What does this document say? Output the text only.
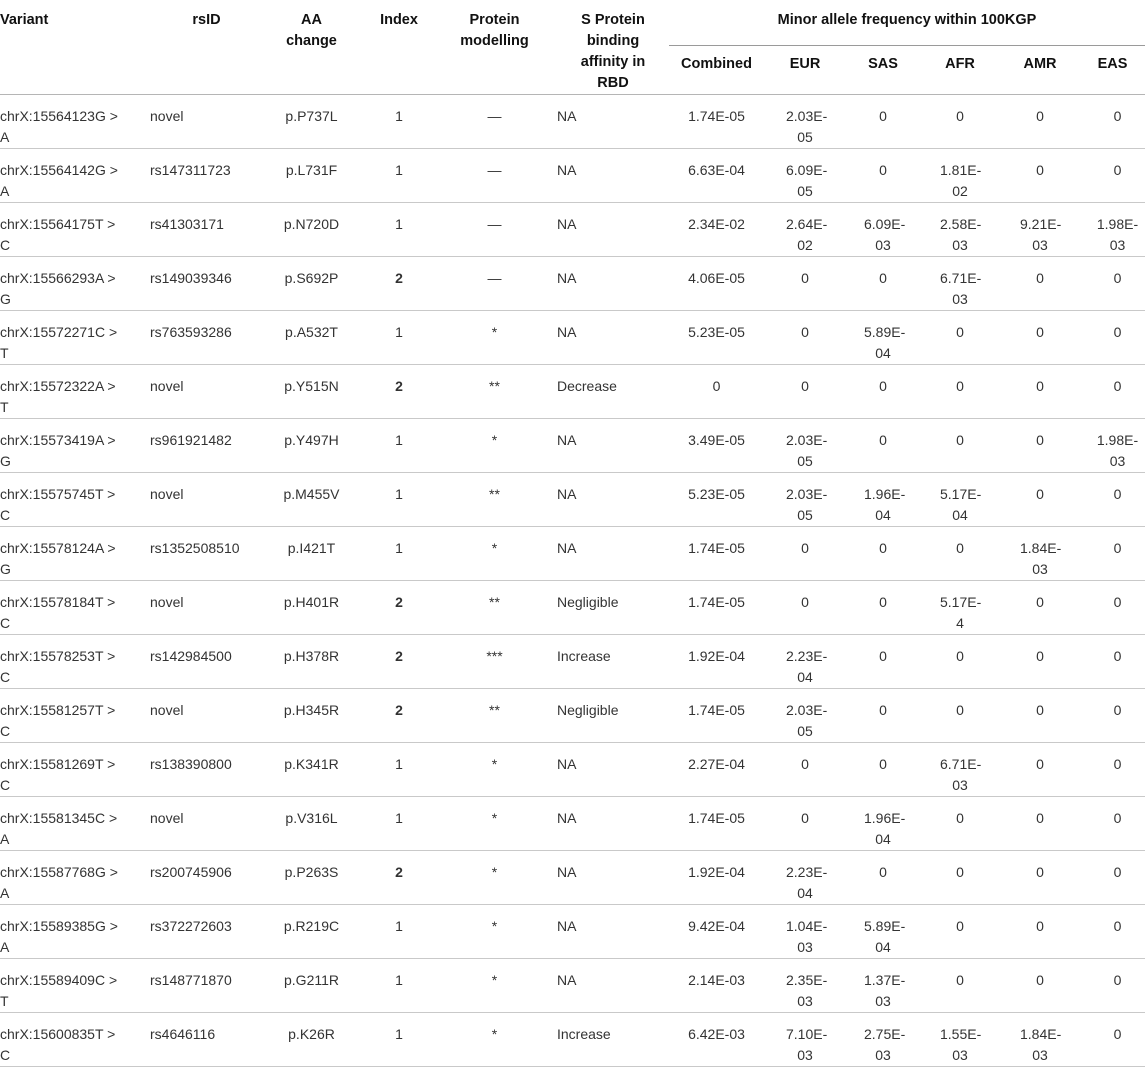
Variant	rsID	AA change	Index	Protein modelling	S Protein binding affinity in RBD	Minor allele frequency within 100KGP					
						Combined	EUR	SAS	AFR	AMR	EAS
chrX:15564123G > A	novel	p.P737L	1	—	NA	1.74E-05	2.03E-05	0	0	0	0
chrX:15564142G > A	rs147311723	p.L731F	1	—	NA	6.63E-04	6.09E-05	0	1.81E-02	0	0
chrX:15564175T > C	rs41303171	p.N720D	1	—	NA	2.34E-02	2.64E-02	6.09E-03	2.58E-03	9.21E-03	1.98E-03
chrX:15566293A > G	rs149039346	p.S692P	2	—	NA	4.06E-05	0	0	6.71E-03	0	0
chrX:15572271C > T	rs763593286	p.A532T	1	*	NA	5.23E-05	0	5.89E-04	0	0	0
chrX:15572322A > T	novel	p.Y515N	2	**	Decrease	0	0	0	0	0	0
chrX:15573419A > G	rs961921482	p.Y497H	1	*	NA	3.49E-05	2.03E-05	0	0	0	1.98E-03
chrX:15575745T > C	novel	p.M455V	1	**	NA	5.23E-05	2.03E-05	1.96E-04	5.17E-04	0	0
chrX:15578124A > G	rs1352508510	p.I421T	1	*	NA	1.74E-05	0	0	0	1.84E-03	0
chrX:15578184T > C	novel	p.H401R	2	**	Negligible	1.74E-05	0	0	5.17E-4	0	0
chrX:15578253T > C	rs142984500	p.H378R	2	***	Increase	1.92E-04	2.23E-04	0	0	0	0
chrX:15581257T > C	novel	p.H345R	2	**	Negligible	1.74E-05	2.03E-05	0	0	0	0
chrX:15581269T > C	rs138390800	p.K341R	1	*	NA	2.27E-04	0	0	6.71E-03	0	0
chrX:15581345C > A	novel	p.V316L	1	*	NA	1.74E-05	0	1.96E-04	0	0	0
chrX:15587768G > A	rs200745906	p.P263S	2	*	NA	1.92E-04	2.23E-04	0	0	0	0
chrX:15589385G > A	rs372272603	p.R219C	1	*	NA	9.42E-04	1.04E-03	5.89E-04	0	0	0
chrX:15589409C > T	rs148771870	p.G211R	1	*	NA	2.14E-03	2.35E-03	1.37E-03	0	0	0
chrX:15600835T > C	rs4646116	p.K26R	1	*	Increase	6.42E-03	7.10E-03	2.75E-03	1.55E-03	1.84E-03	0
